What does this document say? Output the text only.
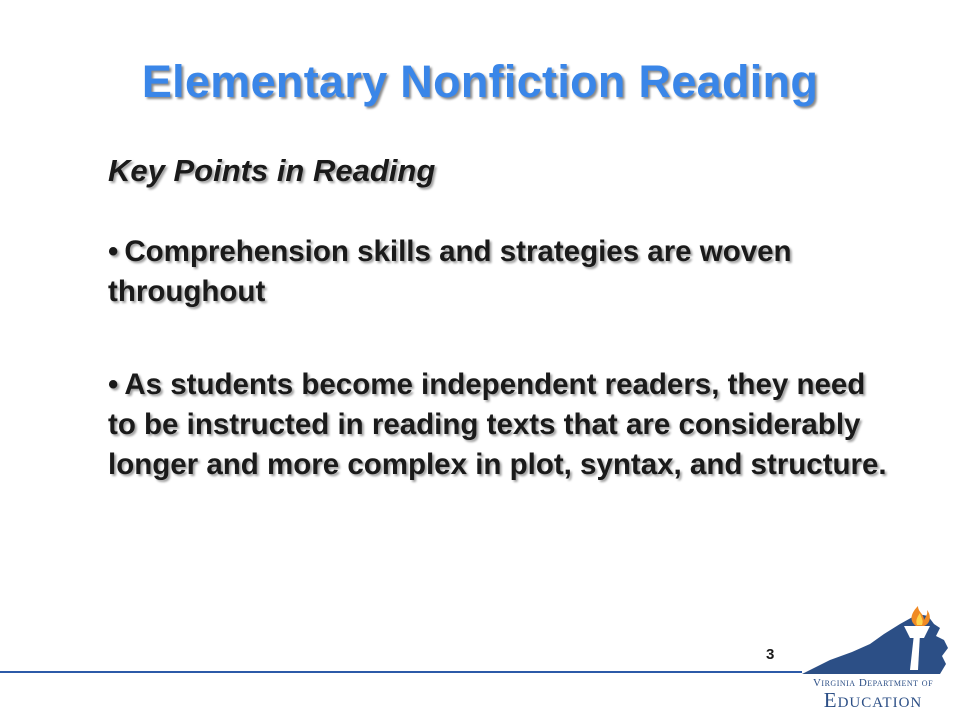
Elementary Nonfiction Reading
Key Points in Reading
• Comprehension skills and strategies are woven throughout
• As students become independent readers, they need to be instructed in reading texts that are considerably longer and more complex in plot, syntax, and structure.
3
Virginia Department of
Education
